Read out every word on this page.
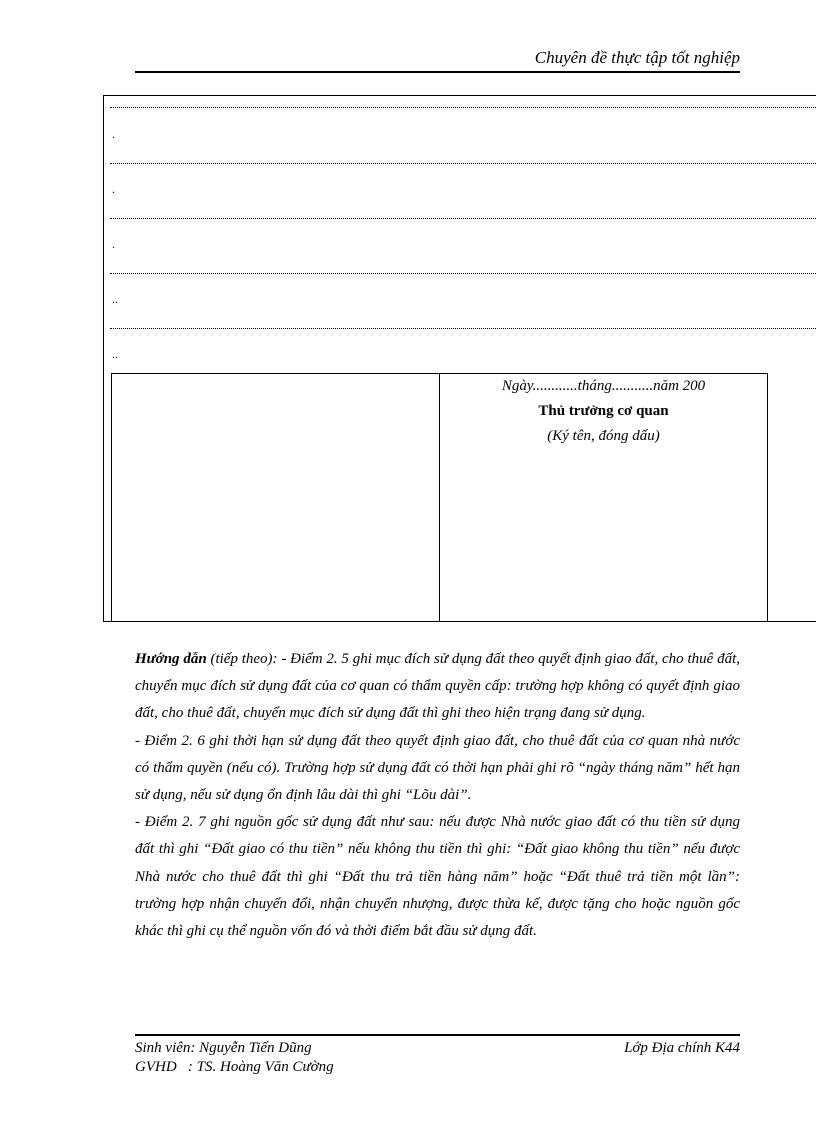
Chuyên đề thực tập tốt nghiệp
.
.
.
..
..
Ngày............tháng...........năm 200
Thủ trưởng cơ quan
(Ký tên, đóng dấu)

Hướng dẫn (tiếp theo): - Điểm 2. 5 ghi mục đích sử dụng đất theo quyết định giao đất, cho thuê đất, chuyển mục đích sử dụng đất của cơ quan có thẩm quyền cấp: trường hợp không có quyết định giao đất, cho thuê đất, chuyển mục đích sử dụng đất thì ghi theo hiện trạng đang sử dụng.

- Điểm 2. 6 ghi thời hạn sử dụng đất theo quyết định giao đất, cho thuê đất của cơ quan nhà nước có thẩm quyền (nếu có). Trường hợp sử dụng đất có thời hạn phải ghi rõ “ngày tháng năm” hết hạn sử dụng, nếu sử dụng ổn định lâu dài thì ghi “Lõu dài”.

- Điểm 2. 7 ghi nguồn gốc sử dụng đất như sau: nếu được Nhà nước giao đất có thu tiền sử dụng đất thì ghi “Đất giao có thu tiền” nếu không thu tiền thì ghi: “Đất giao không thu tiền” nếu được Nhà nước cho thuê đất thì ghi “Đất thu trả tiền hàng năm” hoặc “Đất thuê trả tiền một lần”: trường hợp nhận chuyển đổi, nhận chuyển nhượng, được thừa kế, được tặng cho hoặc nguồn gốc khác thì ghi cụ thể nguồn vốn đó và thời điểm bắt đầu sử dụng đất.

Sinh viên: Nguyễn Tiến Dũng	Lớp Địa chính K44
GVHD   : TS. Hoàng Văn Cường
